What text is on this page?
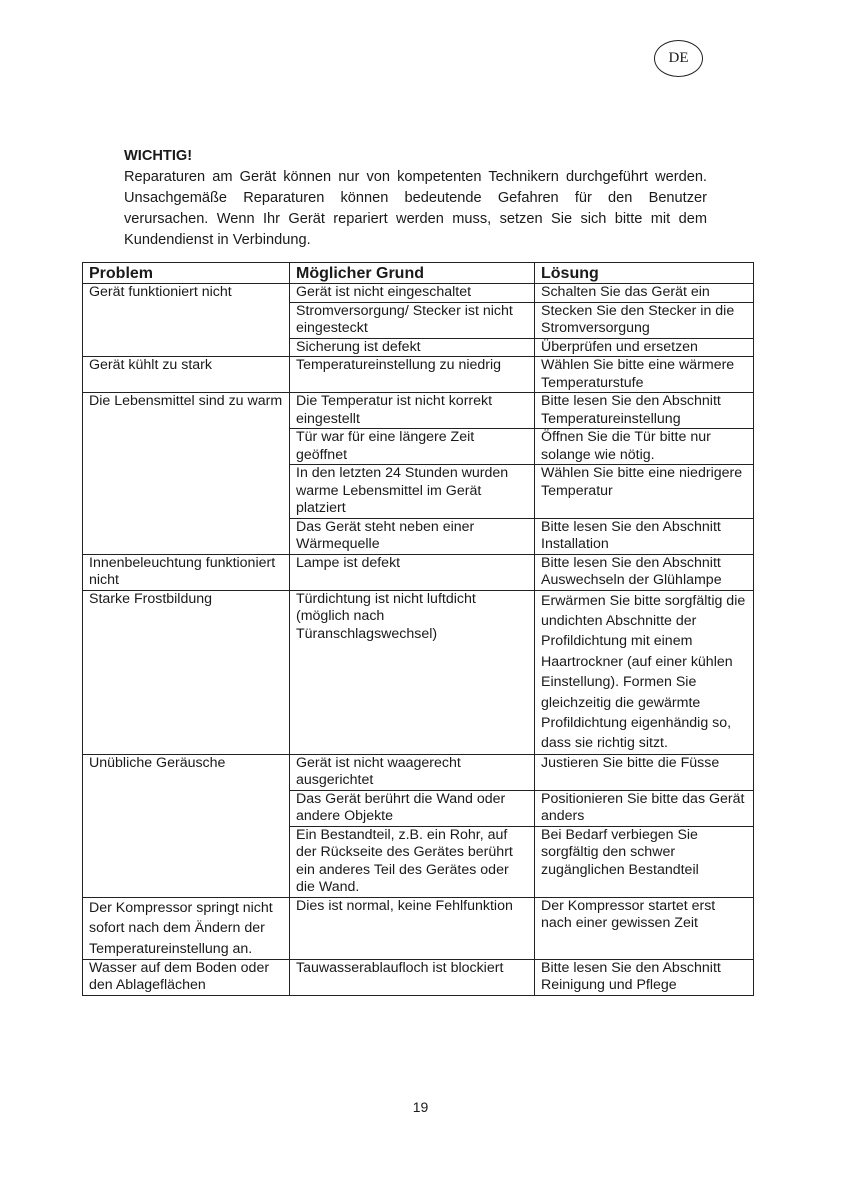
DE
WICHTIG!
Reparaturen am Gerät können nur von kompetenten Technikern durchgeführt werden. Unsachgemäße Reparaturen können bedeutende Gefahren für den Benutzer verursachen. Wenn Ihr Gerät repariert werden muss, setzen Sie sich bitte mit dem Kundendienst in Verbindung.
Problem	Möglicher Grund	Lösung
Gerät funktioniert nicht	Gerät ist nicht eingeschaltet	Schalten Sie das Gerät ein
	Stromversorgung/ Stecker ist nicht eingesteckt	Stecken Sie den Stecker in die Stromversorgung
	Sicherung ist defekt	Überprüfen und ersetzen
Gerät kühlt zu stark	Temperatureinstellung zu niedrig	Wählen Sie bitte eine wärmere Temperaturstufe
Die Lebensmittel sind zu warm	Die Temperatur ist nicht korrekt eingestellt	Bitte lesen Sie den Abschnitt Temperatureinstellung
	Tür war für eine längere Zeit geöffnet	Öffnen Sie die Tür bitte nur solange wie nötig.
	In den letzten 24 Stunden wurden warme Lebensmittel im Gerät platziert	Wählen Sie bitte eine niedrigere Temperatur
	Das Gerät steht neben einer Wärmequelle	Bitte lesen Sie den Abschnitt Installation
Innenbeleuchtung funktioniert nicht	Lampe ist defekt	Bitte lesen Sie den Abschnitt Auswechseln der Glühlampe
Starke Frostbildung	Türdichtung ist nicht luftdicht (möglich nach Türanschlagswechsel)	Erwärmen Sie bitte sorgfältig die undichten Abschnitte der Profildichtung mit einem Haartrockner (auf einer kühlen Einstellung). Formen Sie gleichzeitig die gewärmte Profildichtung eigenhändig so, dass sie richtig sitzt.
Unübliche Geräusche	Gerät ist nicht waagerecht ausgerichtet	Justieren Sie bitte die Füsse
	Das Gerät berührt die Wand oder andere Objekte	Positionieren Sie bitte das Gerät anders
	Ein Bestandteil, z.B. ein Rohr, auf der Rückseite des Gerätes berührt ein anderes Teil des Gerätes oder die Wand.	Bei Bedarf verbiegen Sie sorgfältig den schwer zugänglichen Bestandteil
Der Kompressor springt nicht sofort nach dem Ändern der Temperatureinstellung an.	Dies ist normal, keine Fehlfunktion	Der Kompressor startet erst nach einer gewissen Zeit
Wasser auf dem Boden oder den Ablageflächen	Tauwasserablaufloch ist blockiert	Bitte lesen Sie den Abschnitt Reinigung und Pflege
19
